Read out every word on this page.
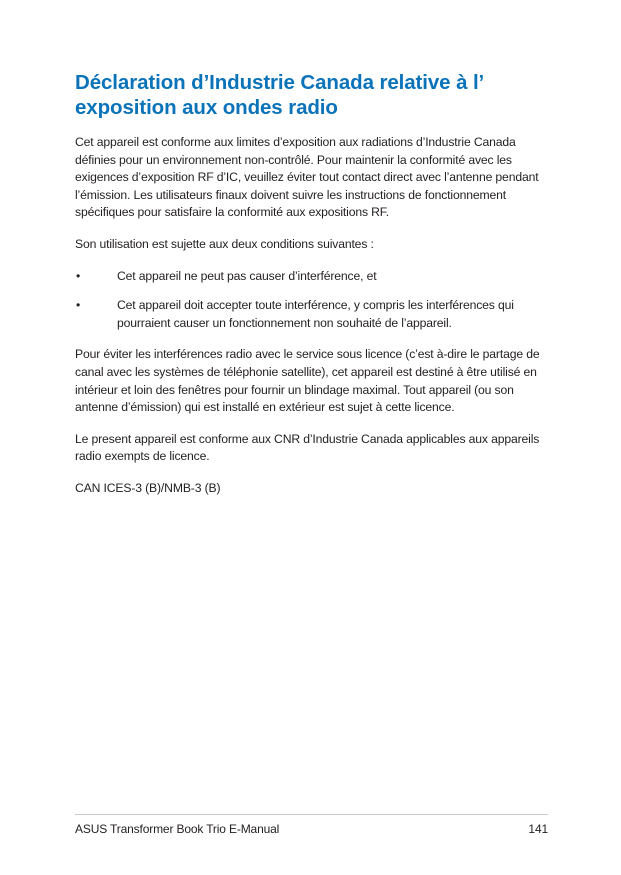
Déclaration d’Industrie Canada relative à l’ exposition aux ondes radio

Cet appareil est conforme aux limites d’exposition aux radiations d’Industrie Canada définies pour un environnement non-contrôlé. Pour maintenir la conformité avec les exigences d’exposition RF d’IC, veuillez éviter tout contact direct avec l’antenne pendant l’émission. Les utilisateurs finaux doivent suivre les instructions de fonctionnement spécifiques pour satisfaire la conformité aux expositions RF.

Son utilisation est sujette aux deux conditions suivantes :

•	Cet appareil ne peut pas causer d’interférence, et
•	Cet appareil doit accepter toute interférence, y compris les interférences qui pourraient causer un fonctionnement non souhaité de l’appareil.

Pour éviter les interférences radio avec le service sous licence (c’est à-dire le partage de canal avec les systèmes de téléphonie satellite), cet appareil est destiné à être utilisé en intérieur et loin des fenêtres pour fournir un blindage maximal. Tout appareil (ou son antenne d’émission) qui est installé en extérieur est sujet à cette licence.

Le present appareil est conforme aux CNR d’Industrie Canada applicables aux appareils radio exempts de licence.

CAN ICES-3 (B)/NMB-3 (B)

ASUS Transformer Book Trio E-Manual	141
